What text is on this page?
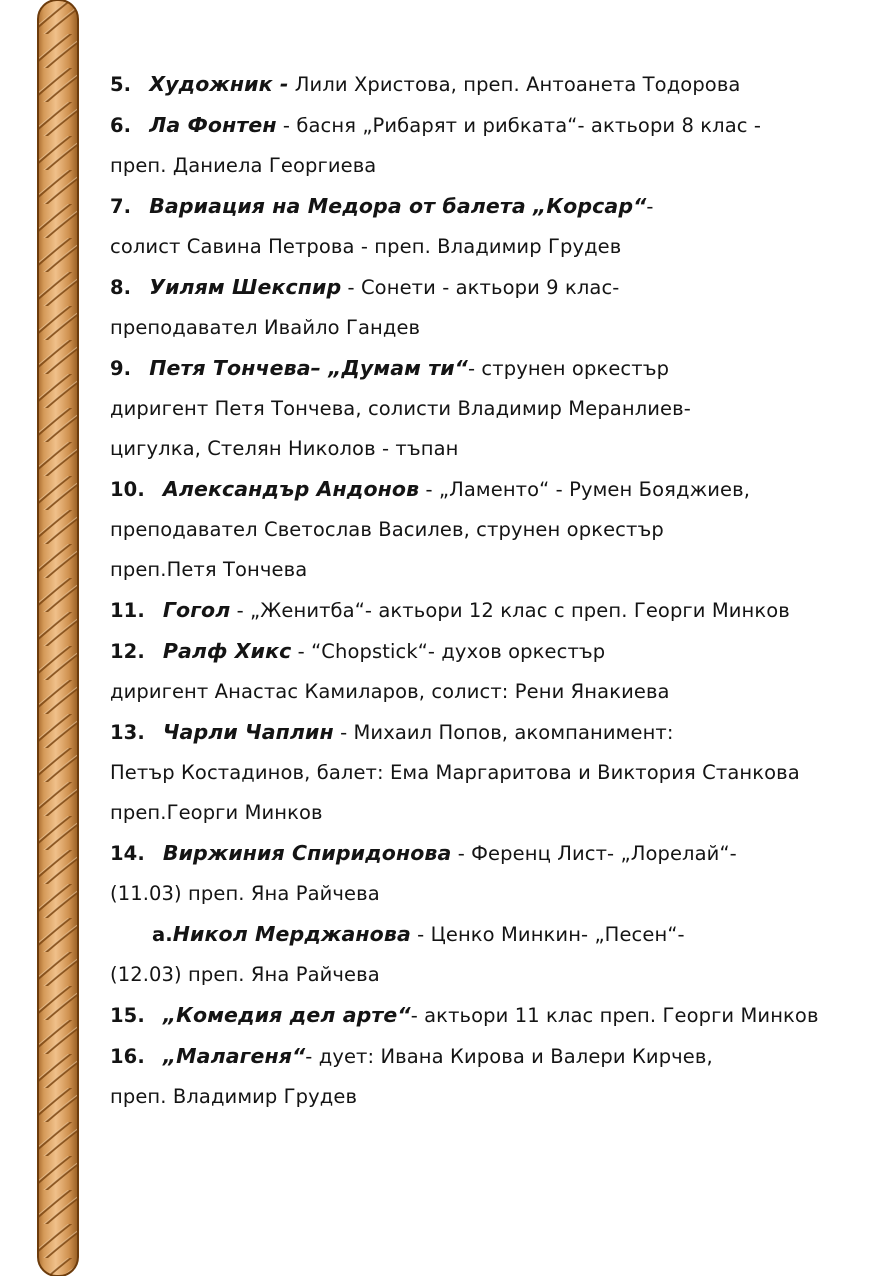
5. Художник - Лили Христова, преп. Антоанета Тодорова
6. Ла Фонтен - басня „Рибарят и рибката“- актьори 8 клас -
преп. Даниела Георгиева
7. Вариация на Медора от балета „Корсар“-
солист Савина Петрова - преп. Владимир Грудев
8. Уилям Шекспир - Сонети - актьори 9 клас-
преподавател Ивайло Гандев
9. Петя Тончева– „Думам ти“- струнен оркестър
диригент Петя Тончева, солисти Владимир Меранлиев-
цигулка, Стелян Николов - тъпан
10. Александър Андонов - „Ламенто“ - Румен Бояджиев,
преподавател Светослав Василев, струнен оркестър
преп.Петя Тончева
11. Гогол - „Женитба“- актьори 12 клас с преп. Георги Минков
12. Ралф Хикс - “Chopstick“- духов оркестър
диригент Анастас Камиларов, солист: Рени Янакиева
13. Чарли Чаплин - Михаил Попов, акомпанимент:
Петър Костадинов, балет: Ема Маргаритова и Виктория Станкова
преп.Георги Минков
14. Виржиния Спиридонова - Ференц Лист- „Лорелай“-
(11.03) преп. Яна Райчева
а.Никол Мерджанова - Ценко Минкин- „Песен“-
(12.03) преп. Яна Райчева
15. „Комедия дел арте“- актьори 11 клас преп. Георги Минков
16. „Малагеня“- дует: Ивана Кирова и Валери Кирчев,
преп. Владимир Грудев
